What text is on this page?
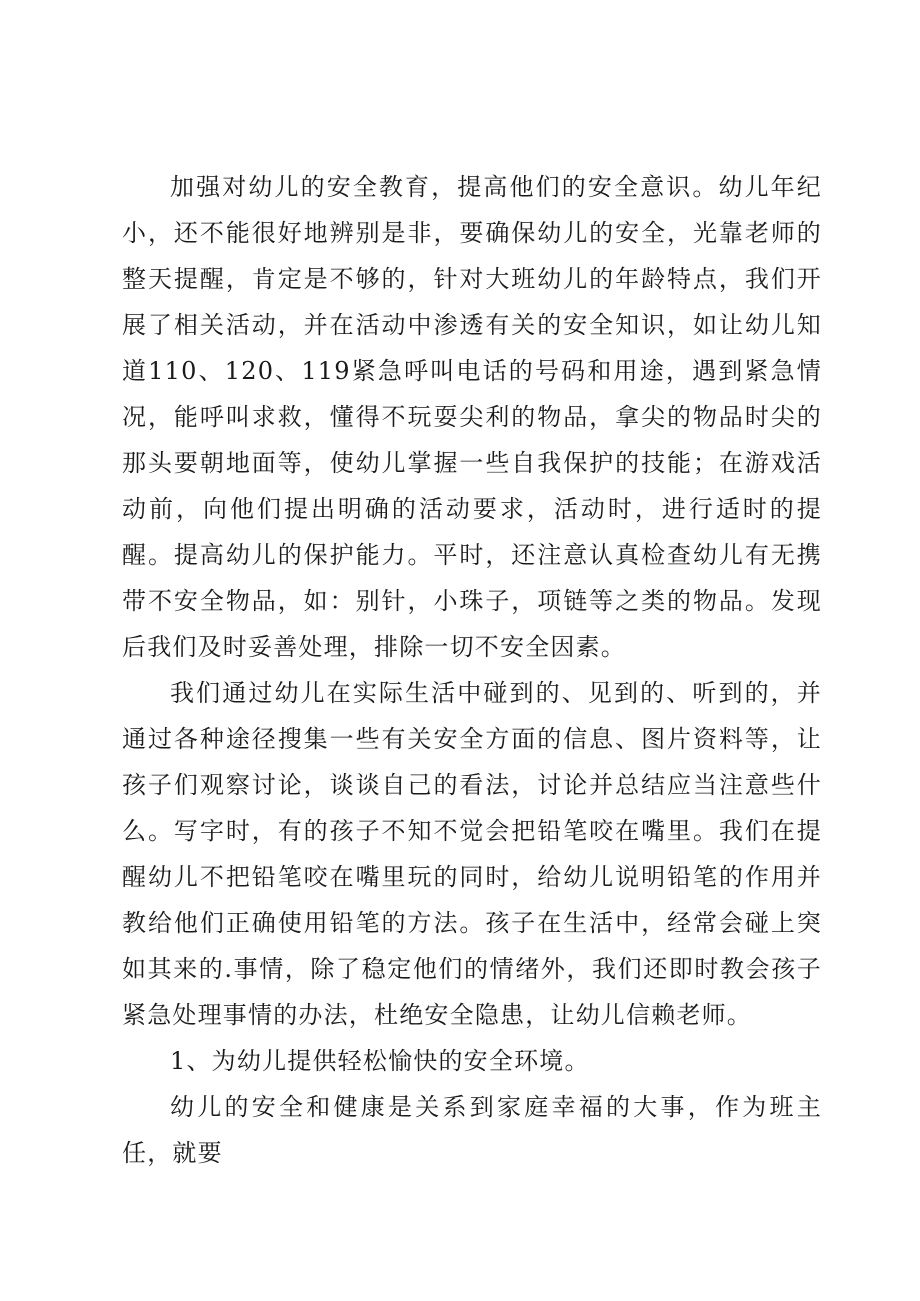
加强对幼儿的安全教育，提高他们的安全意识。幼儿年纪小，还不能很好地辨别是非，要确保幼儿的安全，光靠老师的整天提醒，肯定是不够的，针对大班幼儿的年龄特点，我们开展了相关活动，并在活动中渗透有关的安全知识，如让幼儿知道110、120、119紧急呼叫电话的号码和用途，遇到紧急情况，能呼叫求救，懂得不玩耍尖利的物品，拿尖的物品时尖的那头要朝地面等，使幼儿掌握一些自我保护的技能；在游戏活动前，向他们提出明确的活动要求，活动时，进行适时的提醒。提高幼儿的保护能力。平时，还注意认真检查幼儿有无携带不安全物品，如：别针，小珠子，项链等之类的物品。发现后我们及时妥善处理，排除一切不安全因素。

我们通过幼儿在实际生活中碰到的、见到的、听到的，并通过各种途径搜集一些有关安全方面的信息、图片资料等，让孩子们观察讨论，谈谈自己的看法，讨论并总结应当注意些什么。写字时，有的孩子不知不觉会把铅笔咬在嘴里。我们在提醒幼儿不把铅笔咬在嘴里玩的同时，给幼儿说明铅笔的作用并教给他们正确使用铅笔的方法。孩子在生活中，经常会碰上突如其来的.事情，除了稳定他们的情绪外，我们还即时教会孩子紧急处理事情的办法，杜绝安全隐患，让幼儿信赖老师。

1、为幼儿提供轻松愉快的安全环境。

幼儿的安全和健康是关系到家庭幸福的大事，作为班主任，就要
